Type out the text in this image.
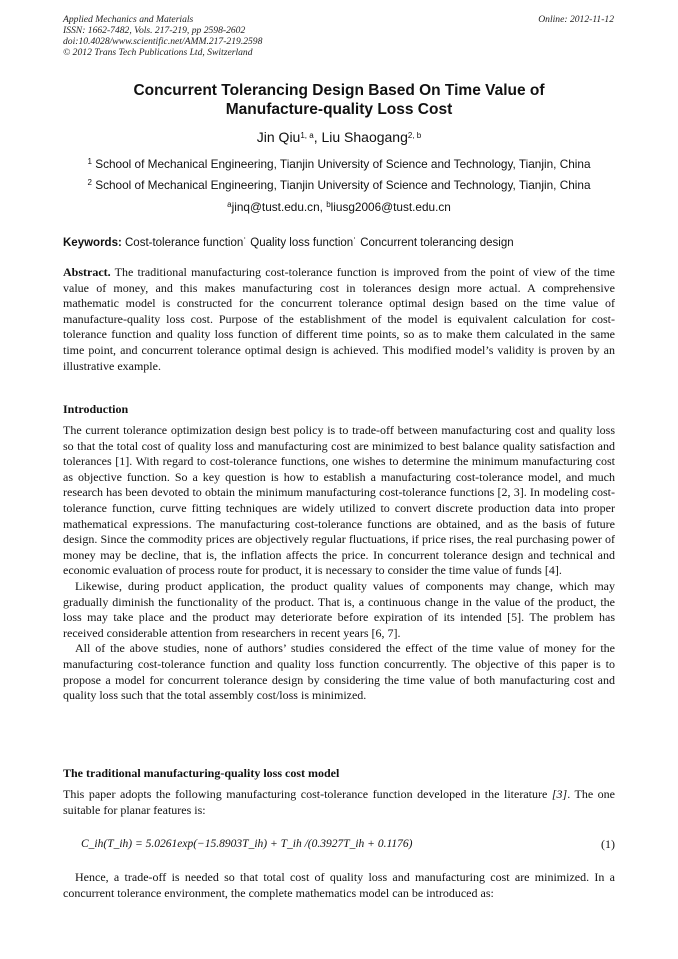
Applied Mechanics and Materials
ISSN: 1662-7482, Vols. 217-219, pp 2598-2602
doi:10.4028/www.scientific.net/AMM.217-219.2598
© 2012 Trans Tech Publications Ltd, Switzerland
Online: 2012-11-12
Concurrent Tolerancing Design Based On Time Value of
Manufacture-quality Loss Cost
Jin Qiu$^{1, a}$, Liu Shaogang$^{2, b}$
$^1$ School of Mechanical Engineering, Tianjin University of Science and Technology, Tianjin, China
$^2$ School of Mechanical Engineering, Tianjin University of Science and Technology, Tianjin, China
$^a$jinq@tust.edu.cn, $^b$liusg2006@tust.edu.cn
Keywords: Cost-tolerance function˙ Quality loss function˙ Concurrent tolerancing design
Abstract. The traditional manufacturing cost-tolerance function is improved from the point of view of the time value of money, and this makes manufacturing cost in tolerances design more actual. A comprehensive mathematic model is constructed for the concurrent tolerance optimal design based on the time value of manufacture-quality loss cost. Purpose of the establishment of the model is equivalent calculation for cost-tolerance function and quality loss function of different time points, so as to make them calculated in the same time point, and concurrent tolerance optimal design is achieved. This modified model’s validity is proven by an illustrative example.
Introduction

The current tolerance optimization design best policy is to trade-off between manufacturing cost and quality loss so that the total cost of quality loss and manufacturing cost are minimized to best balance quality satisfaction and tolerances [1]. With regard to cost-tolerance functions, one wishes to determine the minimum manufacturing cost as objective function. So a key question is how to establish a manufacturing cost-tolerance model, and much research has been devoted to obtain the minimum manufacturing cost-tolerance functions [2, 3]. In modeling cost-tolerance function, curve fitting techniques are widely utilized to convert discrete production data into proper mathematical expressions. The manufacturing cost-tolerance functions are obtained, and as the basis of future design. Since the commodity prices are objectively regular fluctuations, if price rises, the real purchasing power of money may be decline, that is, the inflation affects the price. In concurrent tolerance design and technical and economic evaluation of process route for product, it is necessary to consider the time value of funds [4].

Likewise, during product application, the product quality values of components may change, which may gradually diminish the functionality of the product. That is, a continuous change in the value of the product, the loss may take place and the product may deteriorate before expiration of its intended [5]. The problem has received considerable attention from researchers in recent years [6, 7].

All of the above studies, none of authors’ studies considered the effect of the time value of money for the manufacturing cost-tolerance function and quality loss function concurrently. The objective of this paper is to propose a model for concurrent tolerance design by considering the time value of both manufacturing cost and quality loss such that the total assembly cost/loss is minimized.

The traditional manufacturing-quality loss cost model
This paper adopts the following manufacturing cost-tolerance function developed in the literature [3]. The one suitable for planar features is:
C_ih(T_ih) = 5.0261exp(−15.8903T_ih) + T_ih /(0.3927T_ih + 0.1176)	(1)

Hence, a trade-off is needed so that total cost of quality loss and manufacturing cost are minimized. In a concurrent tolerance environment, the complete mathematics model can be introduced as:
